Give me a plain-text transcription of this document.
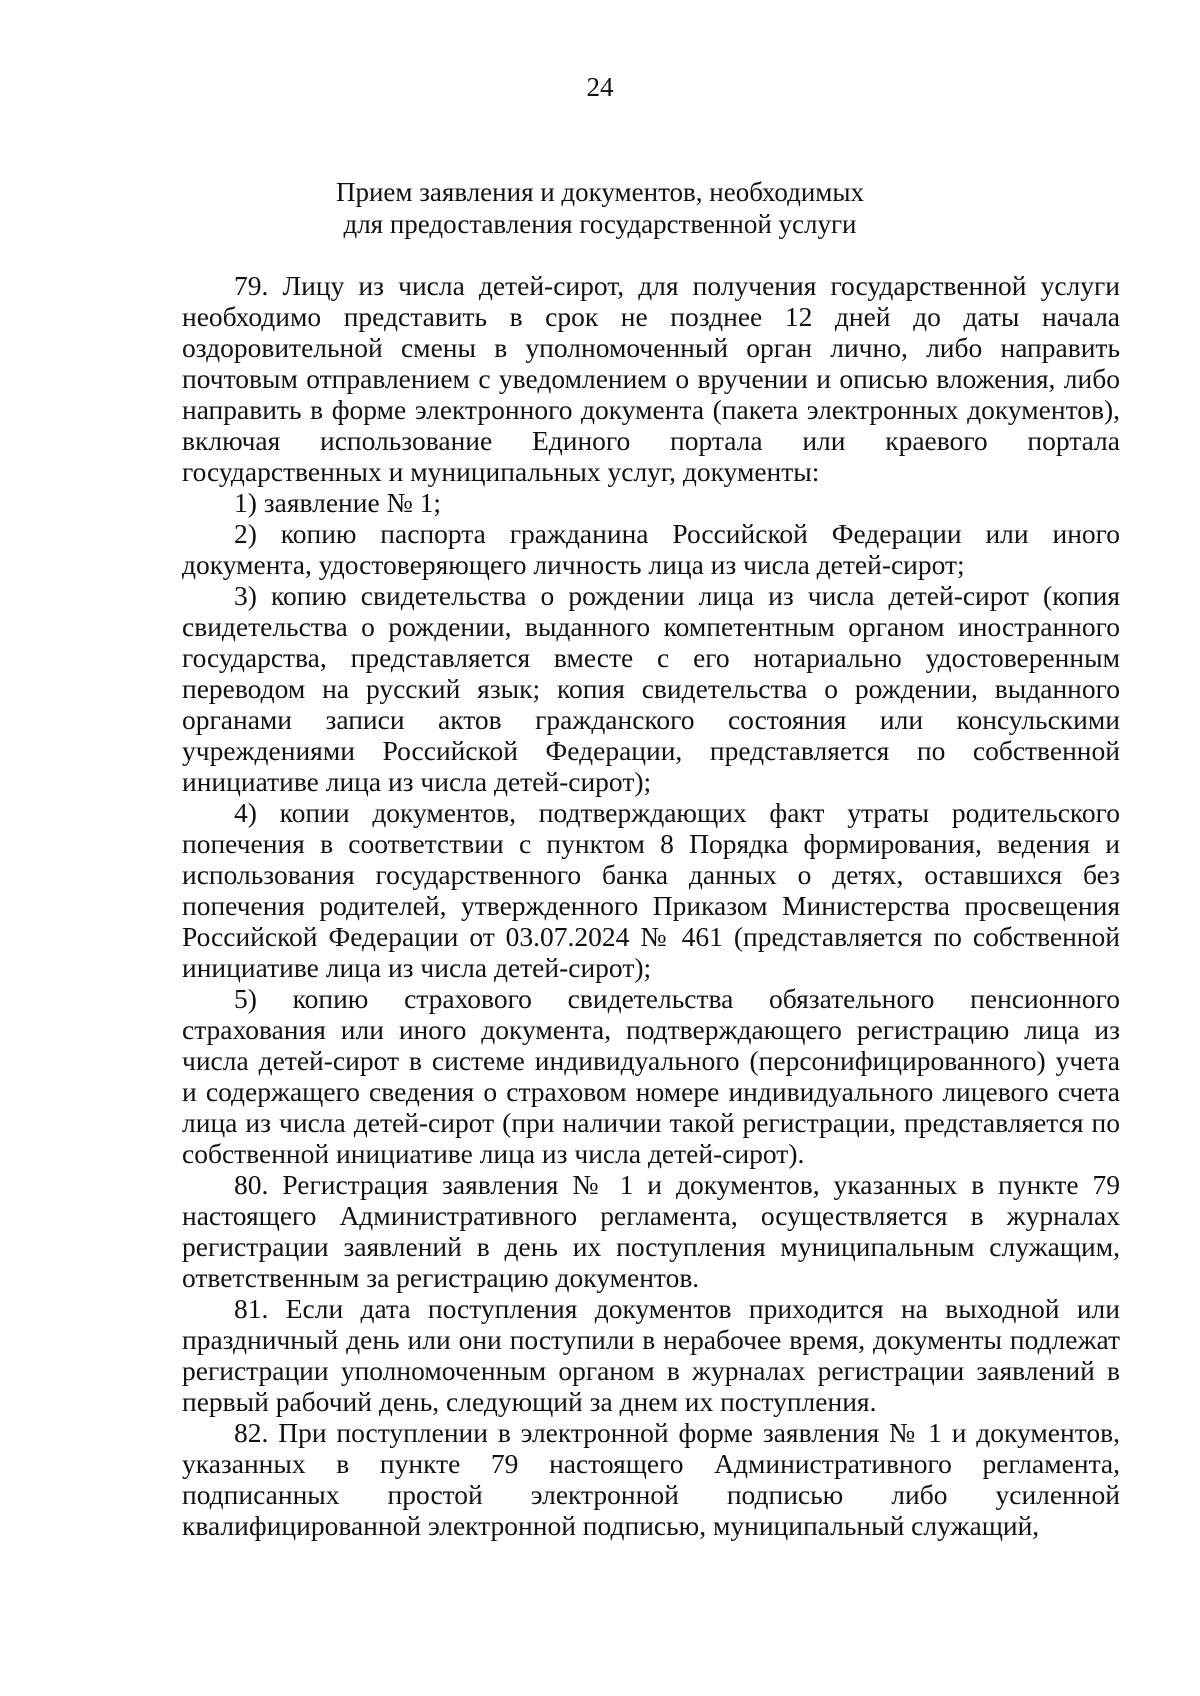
24
Прием заявления и документов, необходимых
для предоставления государственной услуги

79. Лицу из числа детей-сирот, для получения государственной услуги необходимо представить в срок не позднее 12 дней до даты начала оздоровительной смены в уполномоченный орган лично, либо направить почтовым отправлением с уведомлением о вручении и описью вложения, либо направить в форме электронного документа (пакета электронных документов), включая использование Единого портала или краевого портала государственных и муниципальных услуг, документы:

1) заявление № 1;

2) копию паспорта гражданина Российской Федерации или иного документа, удостоверяющего личность лица из числа детей-сирот;

3) копию свидетельства о рождении лица из числа детей-сирот (копия свидетельства о рождении, выданного компетентным органом иностранного государства, представляется вместе с его нотариально удостоверенным переводом на русский язык; копия свидетельства о рождении, выданного органами записи актов гражданского состояния или консульскими учреждениями Российской Федерации, представляется по собственной инициативе лица из числа детей-сирот);

4) копии документов, подтверждающих факт утраты родительского попечения в соответствии с пунктом 8 Порядка формирования, ведения и использования государственного банка данных о детях, оставшихся без попечения родителей, утвержденного Приказом Министерства просвещения Российской Федерации от 03.07.2024 № 461 (представляется по собственной инициативе лица из числа детей-сирот);

5) копию страхового свидетельства обязательного пенсионного страхования или иного документа, подтверждающего регистрацию лица из числа детей-сирот в системе индивидуального (персонифицированного) учета и содержащего сведения о страховом номере индивидуального лицевого счета лица из числа детей-сирот (при наличии такой регистрации, представляется по собственной инициативе лица из числа детей-сирот).

80. Регистрация заявления № 1 и документов, указанных в пункте 79 настоящего Административного регламента, осуществляется в журналах регистрации заявлений в день их поступления муниципальным служащим, ответственным за регистрацию документов.

81. Если дата поступления документов приходится на выходной или праздничный день или они поступили в нерабочее время, документы подлежат регистрации уполномоченным органом в журналах регистрации заявлений в первый рабочий день, следующий за днем их поступления.

82. При поступлении в электронной форме заявления № 1 и документов, указанных в пункте 79 настоящего Административного регламента, подписанных простой электронной подписью либо усиленной квалифицированной электронной подписью, муниципальный служащий,
